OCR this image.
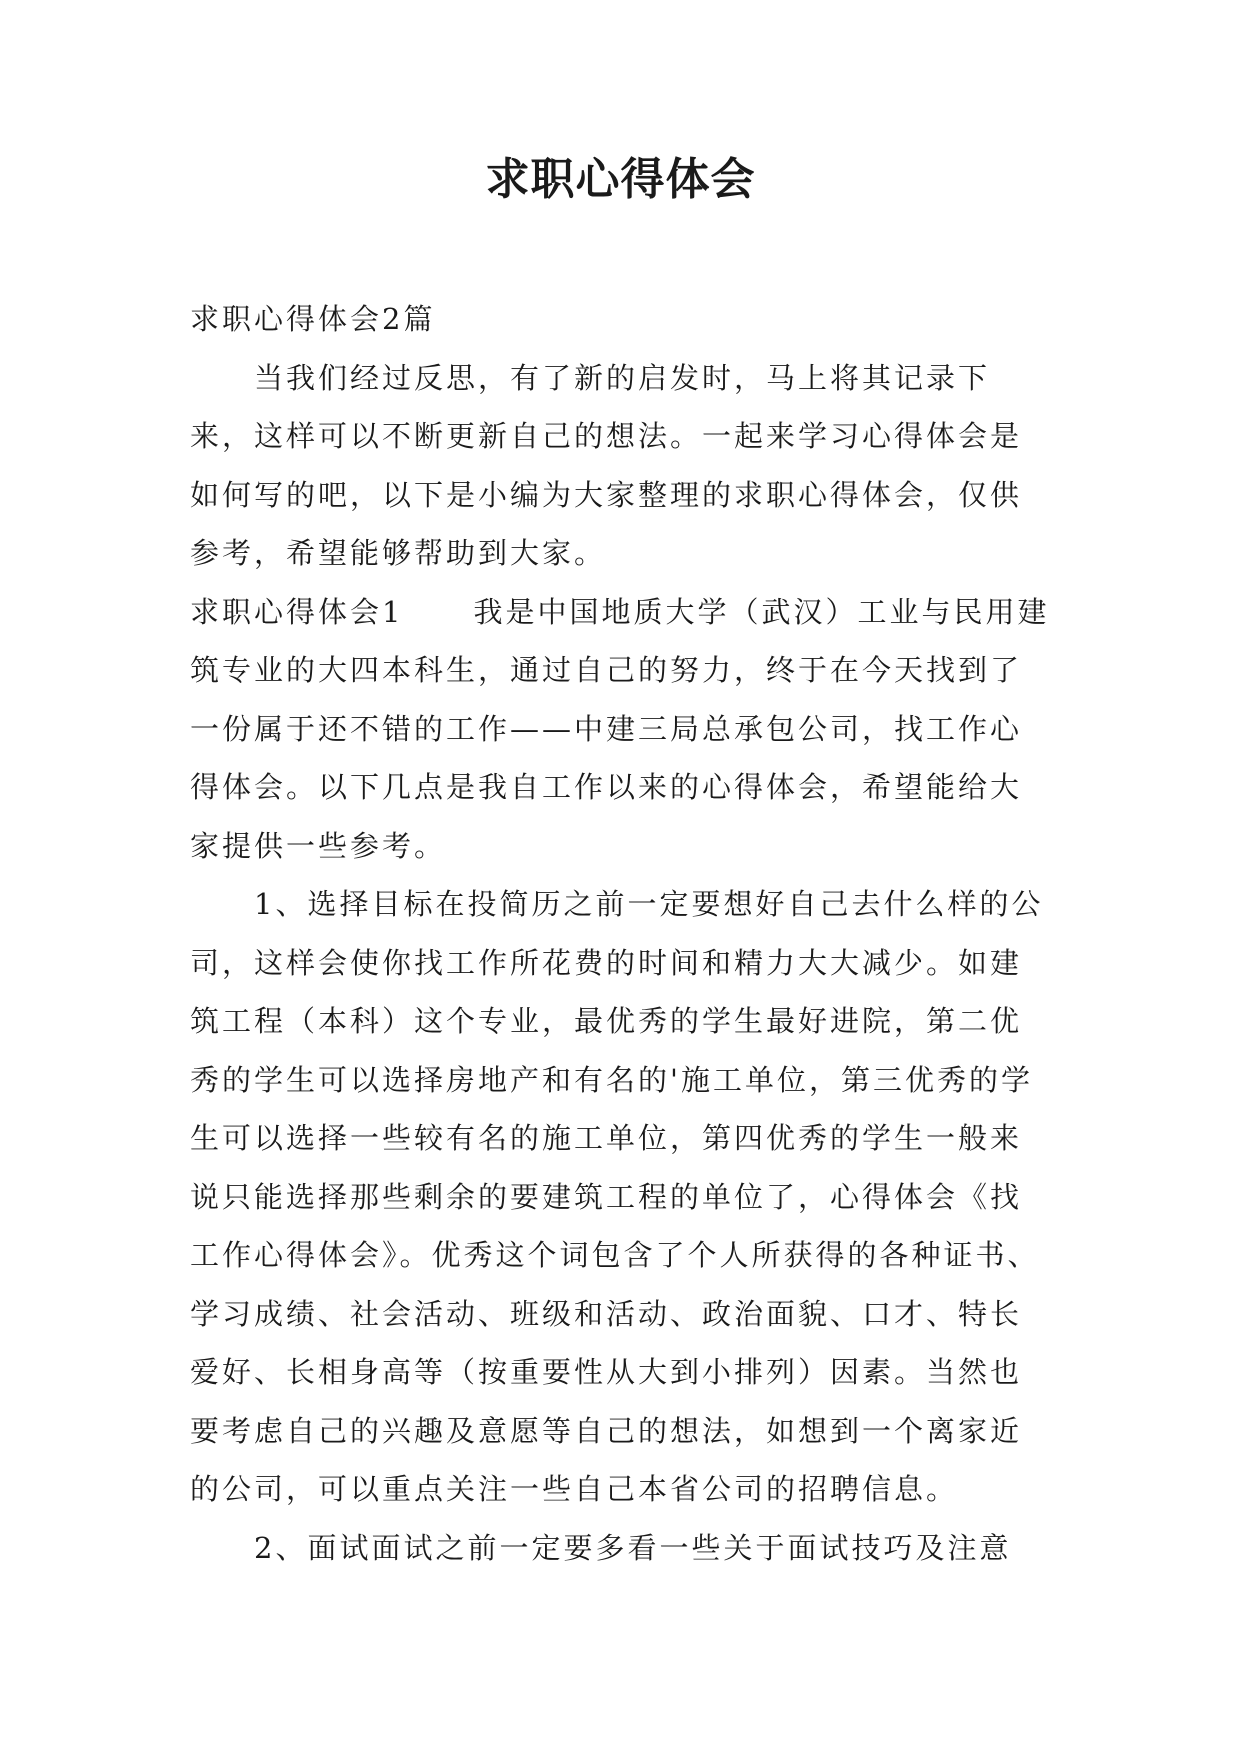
求职心得体会

求职心得体会2篇

当我们经过反思，有了新的启发时，马上将其记录下来，这样可以不断更新自己的想法。一起来学习心得体会是如何写的吧，以下是小编为大家整理的求职心得体会，仅供参考，希望能够帮助到大家。

求职心得体会1 我是中国地质大学（武汉）工业与民用建筑专业的大四本科生，通过自己的努力，终于在今天找到了一份属于还不错的工作——中建三局总承包公司，找工作心得体会。以下几点是我自工作以来的心得体会，希望能给大家提供一些参考。

1、选择目标在投简历之前一定要想好自己去什么样的公司，这样会使你找工作所花费的时间和精力大大减少。如建筑工程（本科）这个专业，最优秀的学生最好进院，第二优秀的学生可以选择房地产和有名的'施工单位，第三优秀的学生可以选择一些较有名的施工单位，第四优秀的学生一般来说只能选择那些剩余的要建筑工程的单位了，心得体会《找工作心得体会》。优秀这个词包含了个人所获得的各种证书、学习成绩、社会活动、班级和活动、政治面貌、口才、特长爱好、长相身高等（按重要性从大到小排列）因素。当然也要考虑自己的兴趣及意愿等自己的想法，如想到一个离家近的公司，可以重点关注一些自己本省公司的招聘信息。

2、面试面试之前一定要多看一些关于面试技巧及注意
